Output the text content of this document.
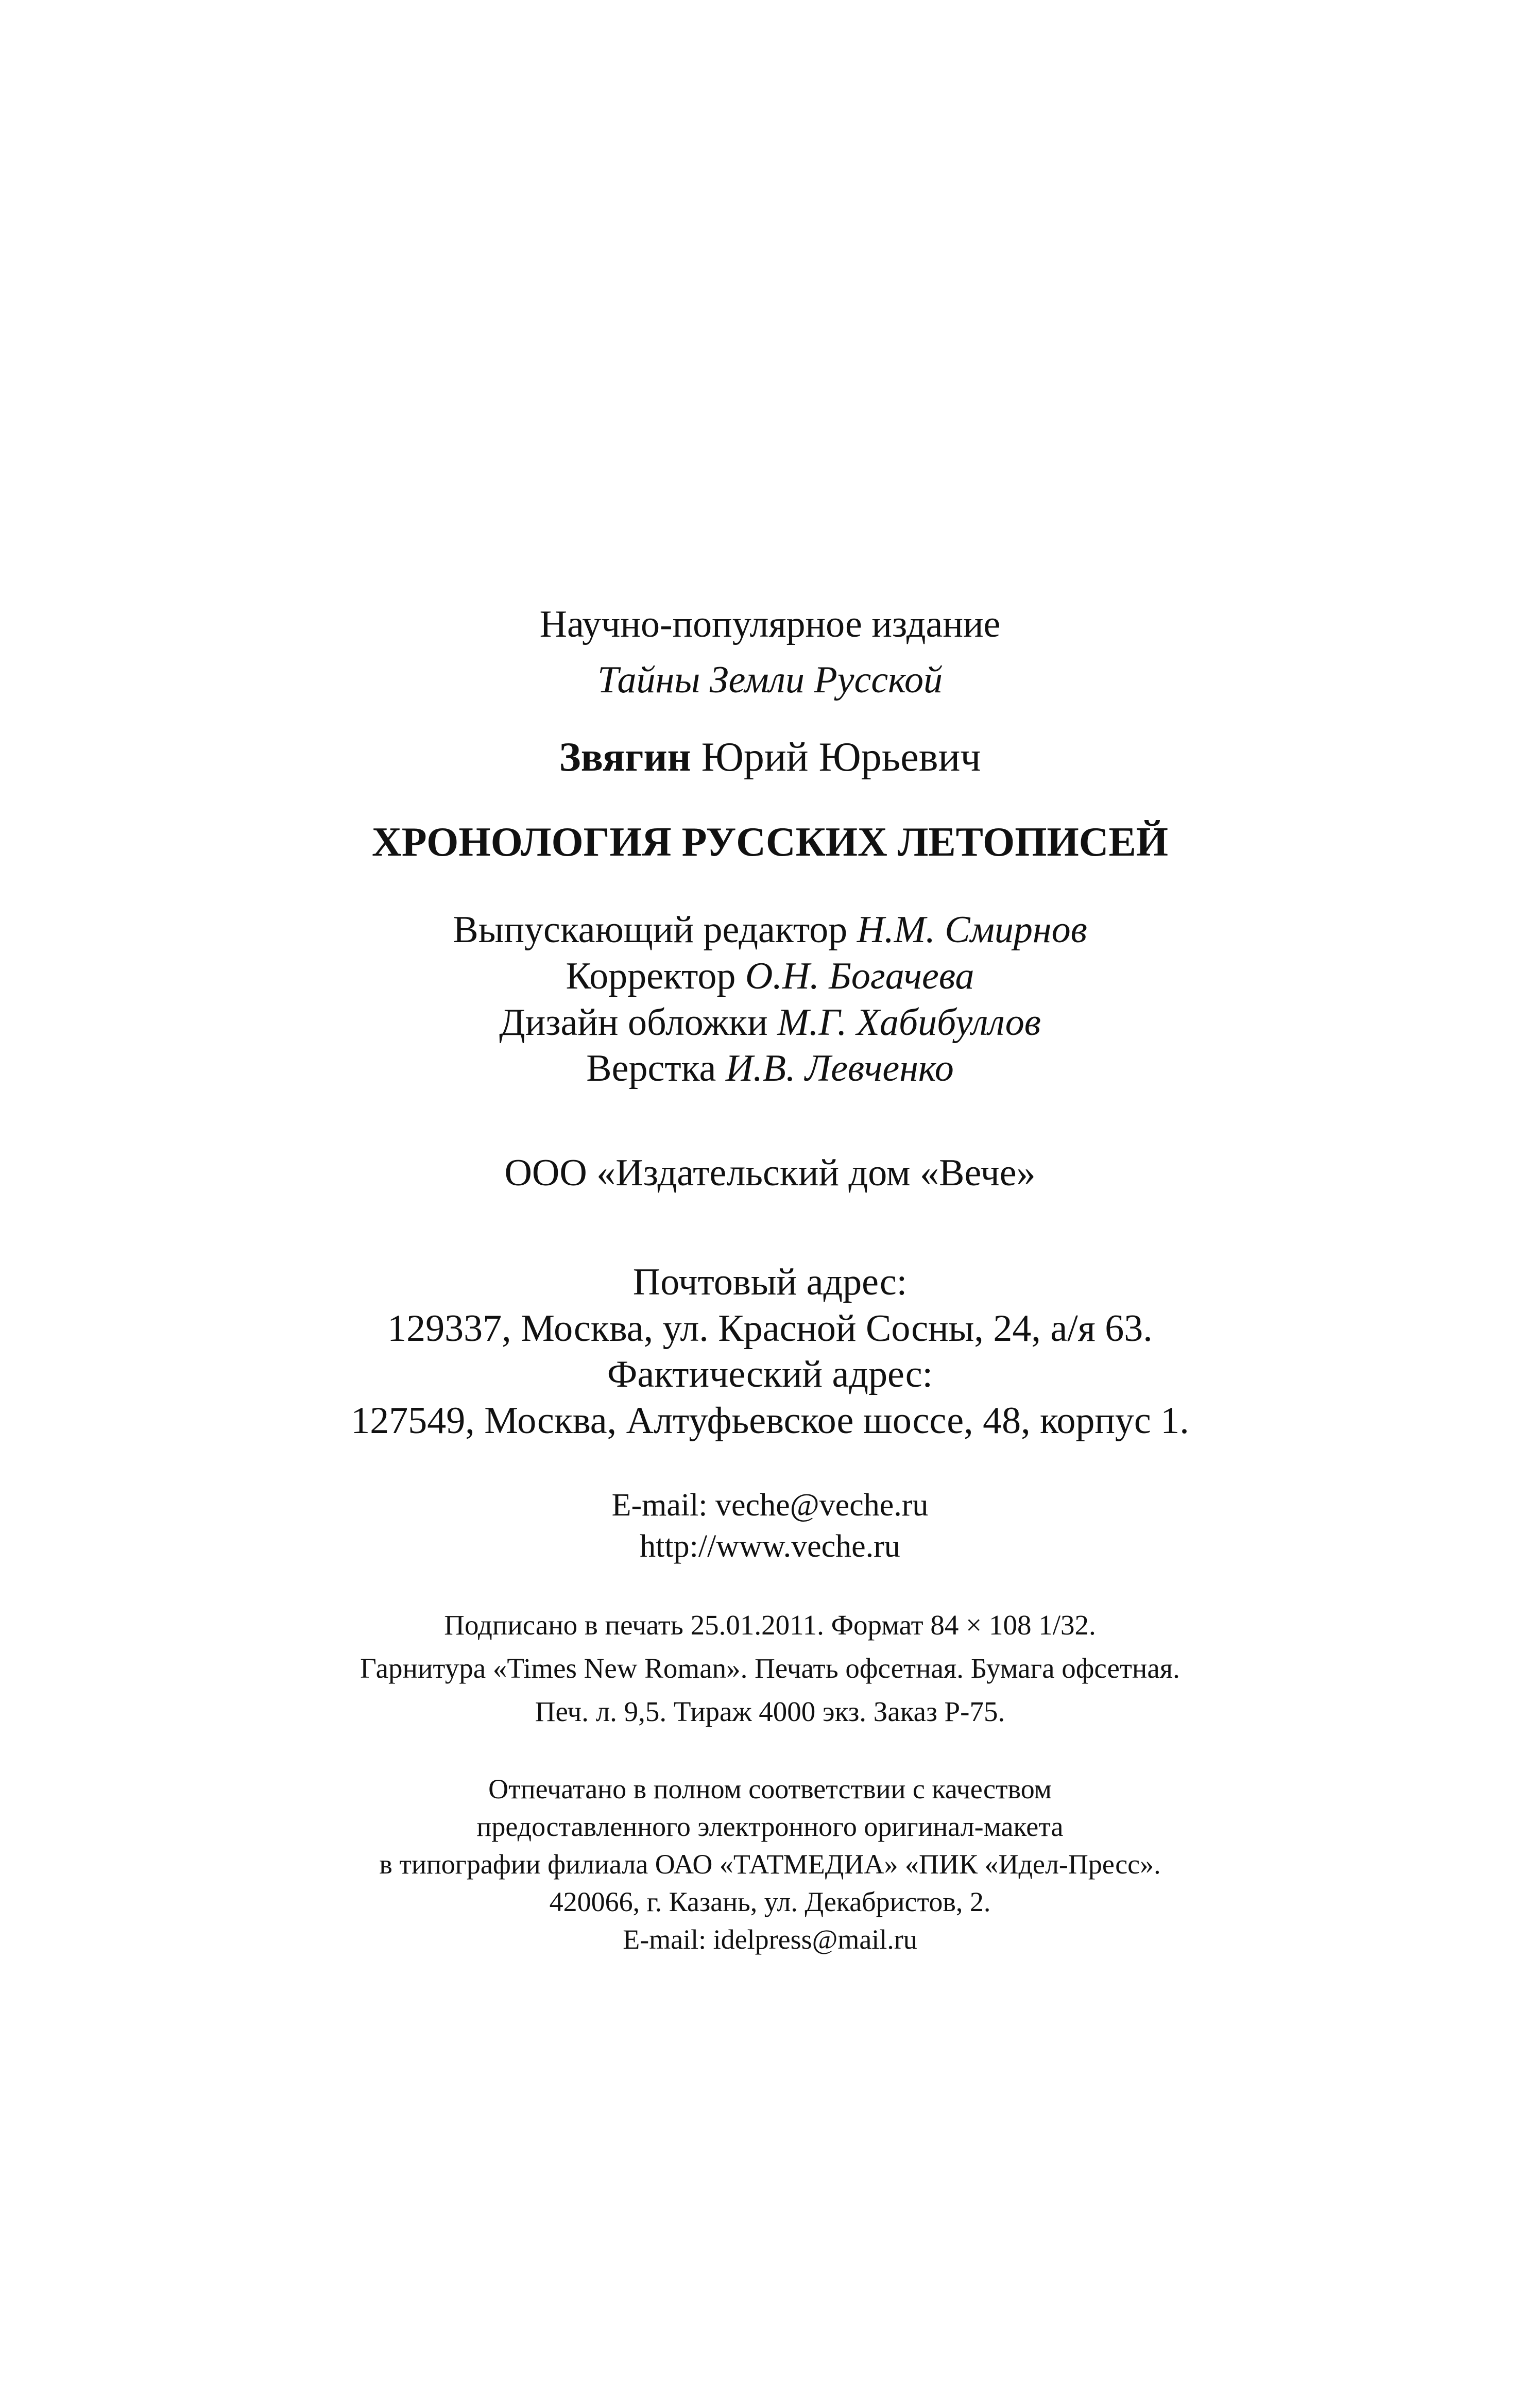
Научно-популярное издание
Тайны Земли Русской
Звягин Юрий Юрьевич
ХРОНОЛОГИЯ РУССКИХ ЛЕТОПИСЕЙ
Выпускающий редактор Н.М. Смирнов
Корректор О.Н. Богачева
Дизайн обложки М.Г. Хабибуллов
Верстка И.В. Левченко
ООО «Издательский дом «Вече»
Почтовый адрес:
129337, Москва, ул. Красной Сосны, 24, а/я 63.
Фактический адрес:
127549, Москва, Алтуфьевское шоссе, 48, корпус 1.
E-mail: veche@veche.ru
http://www.veche.ru
Подписано в печать 25.01.2011. Формат 84 × 108 1/32.
Гарнитура «Times New Roman». Печать офсетная. Бумага офсетная.
Печ. л. 9,5. Тираж 4000 экз. Заказ Р-75.
Отпечатано в полном соответствии с качеством
предоставленного электронного оригинал-макета
в типографии филиала ОАО «ТАТМЕДИА» «ПИК «Идел-Пресс».
420066, г. Казань, ул. Декабристов, 2.
E-mail: idelpress@mail.ru
